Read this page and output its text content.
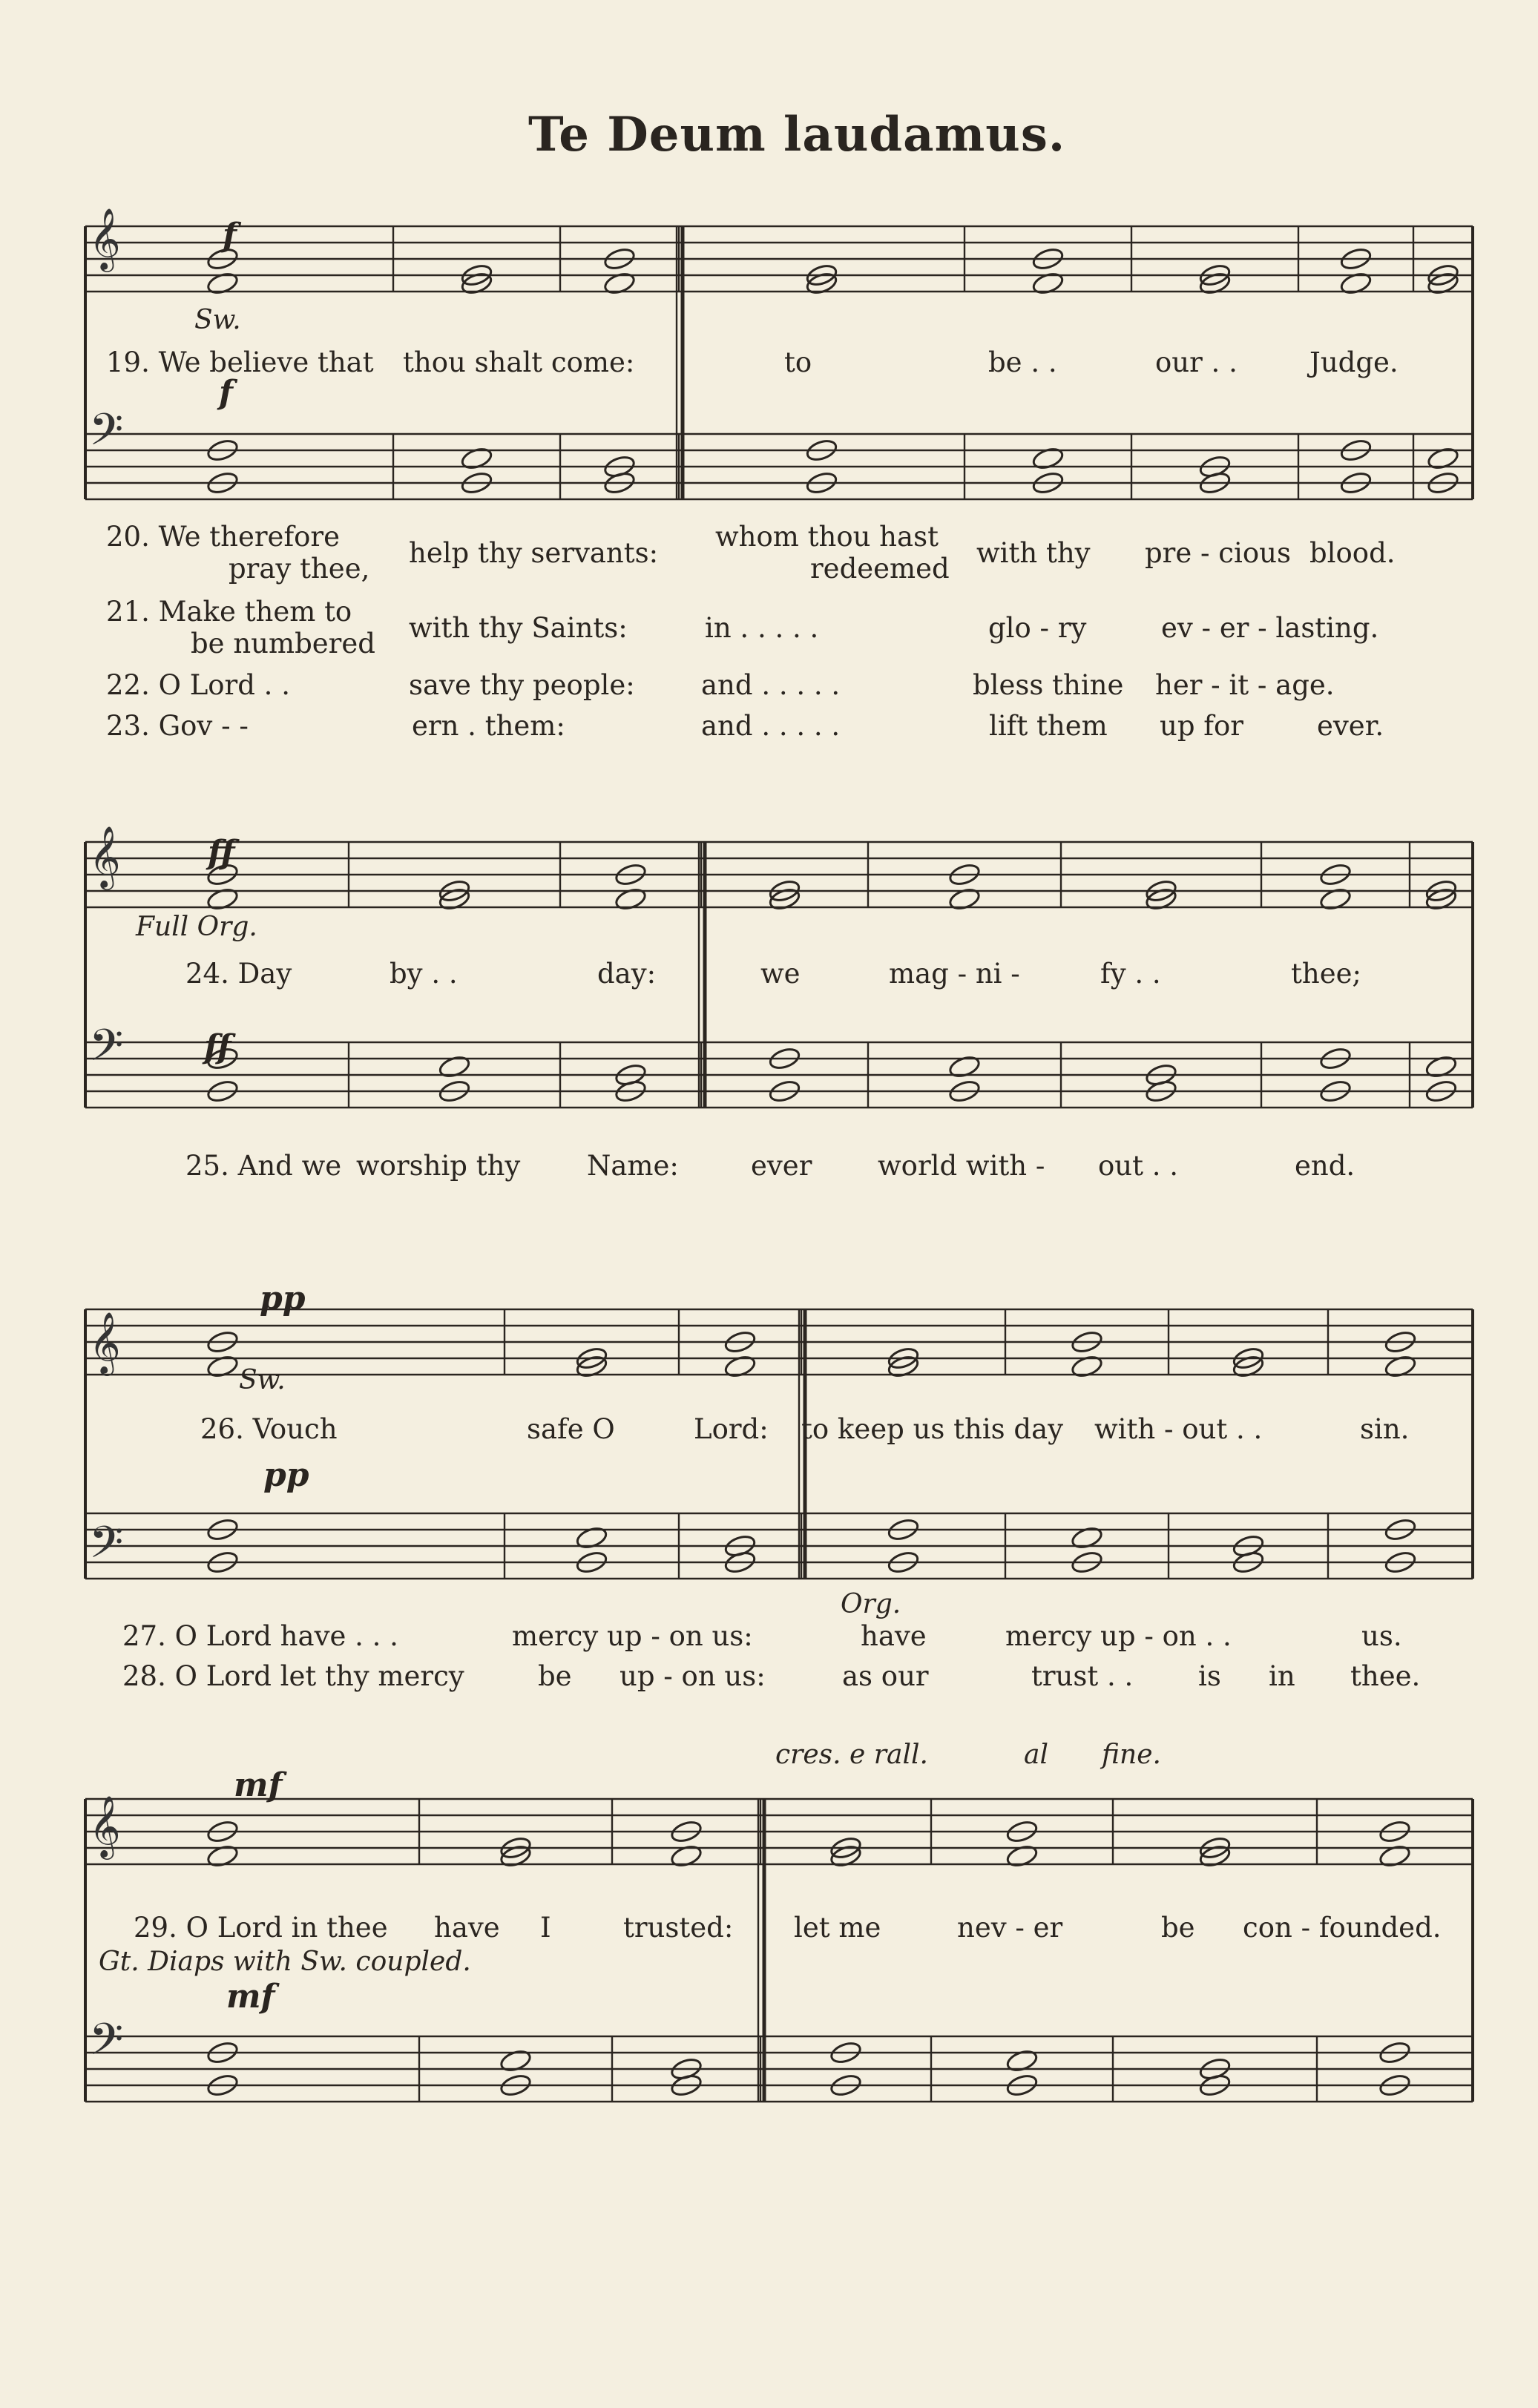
Te Deum laudamus.
𝄞
𝄢
f
Sw.
f
19. We believe that thou shalt come:	to	be . .	our . .	Judge.
20. We therefore
pray thee, help thy servants:
whom thou hast
redeemed with thy pre - cious blood.
21. Make them to
be numbered with thy Saints:	in . . . . .	glo - ry	ev - er - lasting.
22. O Lord . .	save thy people: and . . . . .	bless thine her - it - age.
23. Gov - -	ern . them:	and . . . . .	lift them up for	ever.
𝄞
𝄢
ff
Full Org.
ff
24. Day	by . .	day:	we	mag - ni -	fy . .	thee;
25. And we worship thy Name:	ever world with - out . .	end.
𝄞
𝄢
pp
Sw.
pp
Org.
26. Vouch	safe O	Lord: to keep us this day with - out . .	sin.
27. O Lord have . . .	mercy up - on us:	have	mercy up - on . .	us.
28. O Lord let thy mercy	be up - on us:	as our	trust . . is in thee.
cres. e rall.	al fine.
𝄞
𝄢
mf
29. O Lord in thee have I	trusted: let me	nev - er	be con - founded.
Gt. Diaps with Sw. coupled.
mf
